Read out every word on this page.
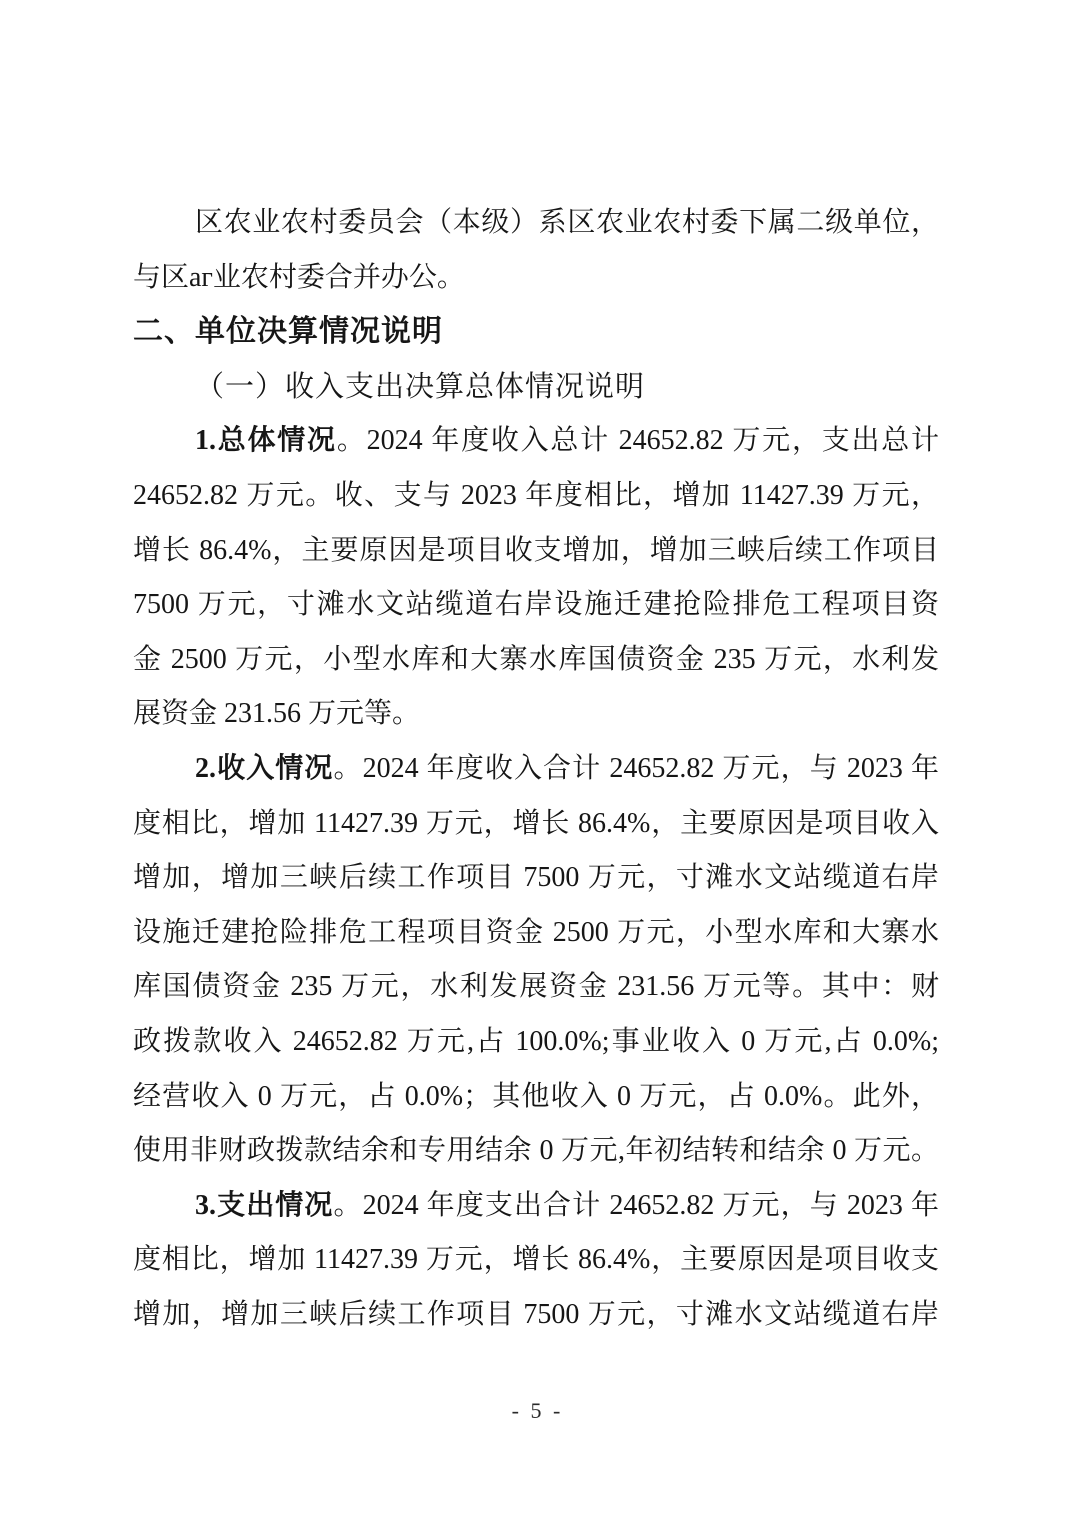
区农业农村委员会（本级）系区农业农村委下属二级单位，
与区аг业农村委合并办公。
二、单位决算情况说明
（一）收入支出决算总体情况说明
1.总体情况。2024 年度收入总计 24652.82 万元，支出总计
24652.82 万元。收、支与 2023 年度相比，增加 11427.39 万元，
增长 86.4%，主要原因是项目收支增加，增加三峡后续工作项目
7500 万元，寸滩水文站缆道右岸设施迁建抢险排危工程项目资
金 2500 万元，小型水库和大寨水库国债资金 235 万元，水利发
展资金 231.56 万元等。
2.收入情况。2024 年度收入合计 24652.82 万元，与 2023 年
度相比，增加 11427.39 万元，增长 86.4%，主要原因是项目收入
增加，增加三峡后续工作项目 7500 万元，寸滩水文站缆道右岸
设施迁建抢险排危工程项目资金 2500 万元，小型水库和大寨水
库国债资金 235 万元，水利发展资金 231.56 万元等。其中：财
政拨款收入 24652.82 万元,占 100.0%;事业收入 0 万元,占 0.0%;
经营收入 0 万元，占 0.0%；其他收入 0 万元，占 0.0%。此外，
使用非财政拨款结余和专用结余 0 万元,年初结转和结余 0 万元。
3.支出情况。2024 年度支出合计 24652.82 万元，与 2023 年
度相比，增加 11427.39 万元，增长 86.4%，主要原因是项目收支
增加，增加三峡后续工作项目 7500 万元，寸滩水文站缆道右岸
- 5 -
